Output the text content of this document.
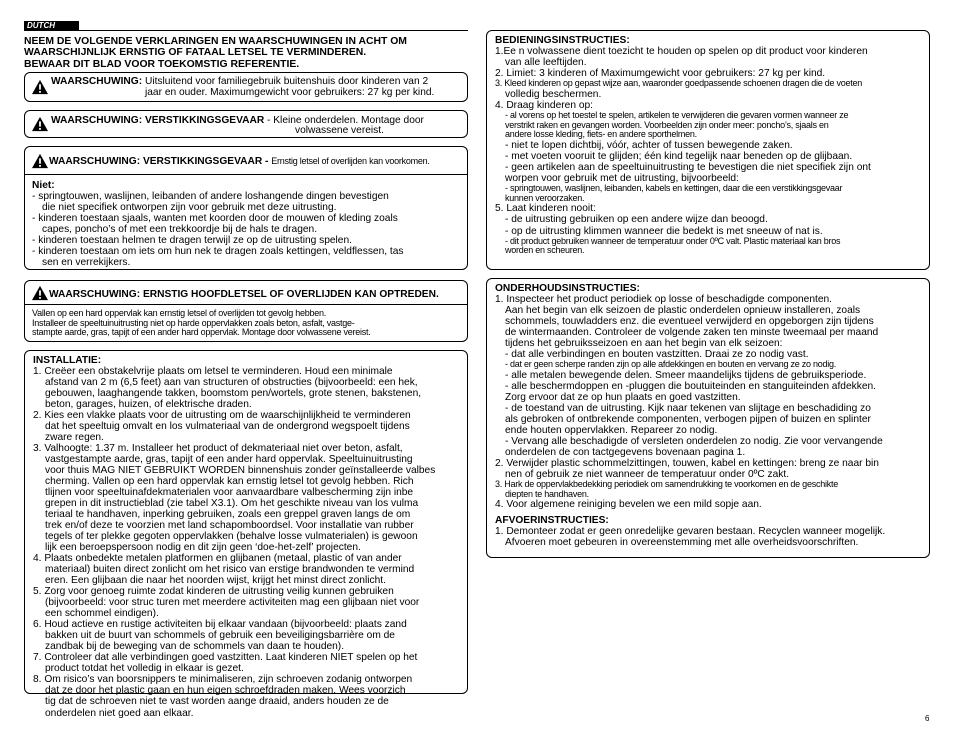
DUTCH
NEEM DE VOLGENDE VERKLARINGEN EN WAARSCHUWINGEN IN ACHT OM
WAARSCHIJNLIJK ERNSTIG OF FATAAL LETSEL TE VERMINDEREN.
BEWAAR DIT BLAD VOOR TOEKOMSTIG REFERENTIE.
WAARSCHUWING: Uitsluitend voor familiegebruik buitenshuis door kinderen van 2
jaar en ouder. Maximumgewicht voor gebruikers: 27 kg per kind.
WAARSCHUWING: VERSTIKKINGSGEVAAR - Kleine onderdelen. Montage door
volwassene vereist.
WAARSCHUWING: VERSTIKKINGSGEVAAR - Ernstig letsel of overlijden kan voorkomen.
Niet:
- springtouwen, waslijnen, leibanden of andere loshangende dingen bevestigen
die niet specifiek ontworpen zijn voor gebruik met deze uitrusting.
- kinderen toestaan sjaals, wanten met koorden door de mouwen of kleding zoals
capes, poncho’s of met een trekkoordje bij de hals te dragen.
- kinderen toestaan helmen te dragen terwijl ze op de uitrusting spelen.
- kinderen toestaan om iets om hun nek te dragen zoals kettingen, veldflessen, tas
sen en verrekijkers.
WAARSCHUWING: ERNSTIG HOOFDLETSEL OF OVERLIJDEN KAN OPTREDEN.
Vallen op een hard oppervlak kan ernstig letsel of overlijden tot gevolg hebben.
Installeer de speeltuinuitrusting niet op harde oppervlakken zoals beton, asfalt, vastge-
stampte aarde, gras, tapijt of een ander hard oppervlak. Montage door volwassene vereist.
INSTALLATIE:
1. Creëer een obstakelvrije plaats om letsel te verminderen. Houd een minimale
afstand van 2 m (6,5 feet) aan van structuren of obstructies (bijvoorbeeld: een hek,
gebouwen, laaghangende takken, boomstom pen/wortels, grote stenen, bakstenen,
beton, garages, huizen, of elektrische draden.
2. Kies een vlakke plaats voor de uitrusting om de waarschijnlijkheid te verminderen
dat het speeltuig omvalt en los vulmateriaal van de ondergrond wegspoelt tijdens
zware regen.
3. Valhoogte: 1.37 m. Installeer het product of dekmateriaal niet over beton, asfalt,
vastgestampte aarde, gras, tapijt of een ander hard oppervlak. Speeltuinuitrusting
voor thuis MAG NIET GEBRUIKT WORDEN binnenshuis zonder geïnstalleerde valbes
cherming. Vallen op een hard oppervlak kan ernstig letsel tot gevolg hebben. Rich
tlijnen voor speeltuinafdekmaterialen voor aanvaardbare valbescherming zijn inbe
grepen in dit instructieblad (zie tabel X3.1). Om het geschikte niveau van los vulma
teriaal te handhaven, inperking gebruiken, zoals een greppel graven langs de om
trek en/of deze te voorzien met land schapomboordsel. Voor installatie van rubber
tegels of ter plekke gegoten oppervlakken (behalve losse vulmaterialen) is gewoon
lijk een beroepspersoon nodig en dit zijn geen ‘doe-het-zelf’ projecten.
4. Plaats onbedekte metalen platformen en glijbanen (metaal, plastic of van ander
materiaal) buiten direct zonlicht om het risico van erstige brandwonden te vermind
eren. Een glijbaan die naar het noorden wijst, krijgt het minst direct zonlicht.
5. Zorg voor genoeg ruimte zodat kinderen de uitrusting veilig kunnen gebruiken
(bijvoorbeeld: voor struc turen met meerdere activiteiten mag een glijbaan niet voor
een schommel eindigen).
6. Houd actieve en rustige activiteiten bij elkaar vandaan (bijvoorbeeld: plaats zand
bakken uit de buurt van schommels of gebruik een beveiligingsbarrière om de
zandbak bij de beweging van de schommels van daan te houden).
7. Controleer dat alle verbindingen goed vastzitten. Laat kinderen NIET spelen op het
product totdat het volledig in elkaar is gezet.
8. Om risico’s van boorsnippers te minimaliseren, zijn schroeven zodanig ontworpen
dat ze door het plastic gaan en hun eigen schroefdraden maken. Wees voorzich
tig dat de schroeven niet te vast worden aange draaid, anders houden ze de
onderdelen niet goed aan elkaar.
BEDIENINGSINSTRUCTIES:
1.Ee n volwassene dient toezicht te houden op spelen op dit product voor kinderen
van alle leeftijden.
2. Limiet: 3 kinderen of Maximumgewicht voor gebruikers: 27 kg per kind.
3. Kleed kinderen op gepast wijze aan, waaronder goedpassende schoenen dragen die de voeten
volledig beschermen.
4. Draag kinderen op:
- al vorens op het toestel te spelen, artikelen te verwijderen die gevaren vormen wanneer ze
verstrikt raken en gevangen worden. Voorbeelden zijn onder meer: poncho’s, sjaals en
andere losse kleding, fiets- en andere sporthelmen.
- niet te lopen dichtbij, vóór, achter of tussen bewegende zaken.
- met voeten vooruit te glijden; één kind tegelijk naar beneden op de glijbaan.
- geen artikelen aan de speeltuinuitrusting te bevestigen die niet specifiek zijn ont
worpen voor gebruik met de uitrusting, bijvoorbeeld:
- springtouwen, waslijnen, leibanden, kabels en kettingen, daar die een verstikkingsgevaar
kunnen veroorzaken.
5. Laat kinderen nooit:
- de uitrusting gebruiken op een andere wijze dan beoogd.
- op de uitrusting klimmen wanneer die bedekt is met sneeuw of nat is.
- dit product gebruiken wanneer de temperatuur onder 0ºC valt. Plastic materiaal kan bros
worden en scheuren.
ONDERHOUDSINSTRUCTIES:
1. Inspecteer het product periodiek op losse of beschadigde componenten.
Aan het begin van elk seizoen de plastic onderdelen opnieuw installeren, zoals
schommels, touwladders enz. die eventueel verwijderd en opgeborgen zijn tijdens
de wintermaanden. Controleer de volgende zaken ten minste tweemaal per maand
tijdens het gebruiksseizoen en aan het begin van elk seizoen:
- dat alle verbindingen en bouten vastzitten. Draai ze zo nodig vast.
- dat er geen scherpe randen zijn op alle afdekkingen en bouten en vervang ze zo nodig.
- alle metalen bewegende delen. Smeer maandelijks tijdens de gebruiksperiode.
- alle beschermdoppen en -pluggen die boutuiteinden en stanguiteinden afdekken.
Zorg ervoor dat ze op hun plaats en goed vastzitten.
- de toestand van de uitrusting. Kijk naar tekenen van slijtage en beschadiding zo
als gebroken of ontbrekende componenten, verbogen pijpen of buizen en splinter
ende houten oppervlakken. Repareer zo nodig.
- Vervang alle beschadigde of versleten onderdelen zo nodig. Zie voor vervangende
onderdelen de con tactgegevens bovenaan pagina 1.
2. Verwijder plastic schommelzittingen, touwen, kabel en kettingen: breng ze naar bin
nen of gebruik ze niet wanneer de temperatuur onder 0ºC zakt.
3. Hark de oppervlakbedekking periodiek om samendrukking te voorkomen en de geschikte
diepten te handhaven.
4. Voor algemene reiniging bevelen we een mild sopje aan.
AFVOERINSTRUCTIES:
1. Demonteer zodat er geen onredelijke gevaren bestaan. Recyclen wanneer mogelijk.
Afvoeren moet gebeuren in overeenstemming met alle overheidsvoorschriften.
6
